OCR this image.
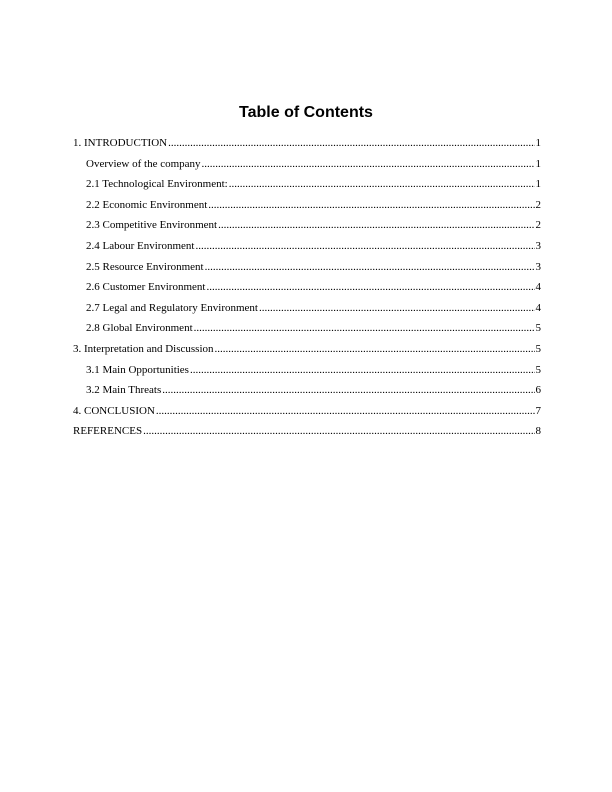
Table of Contents
1. INTRODUCTION .....	1
Overview of the company .....	1
2.1 Technological Environment: .....	1
2.2 Economic Environment .....	2
2.3 Competitive Environment .....	2
2.4 Labour Environment .....	3
2.5 Resource Environment .....	3
2.6 Customer Environment .....	4
2.7 Legal and Regulatory Environment .....	4
2.8 Global Environment .....	5
3. Interpretation and Discussion .....	5
3.1 Main Opportunities .....	5
3.2 Main Threats .....	6
4. CONCLUSION .....	7
REFERENCES .....	8
